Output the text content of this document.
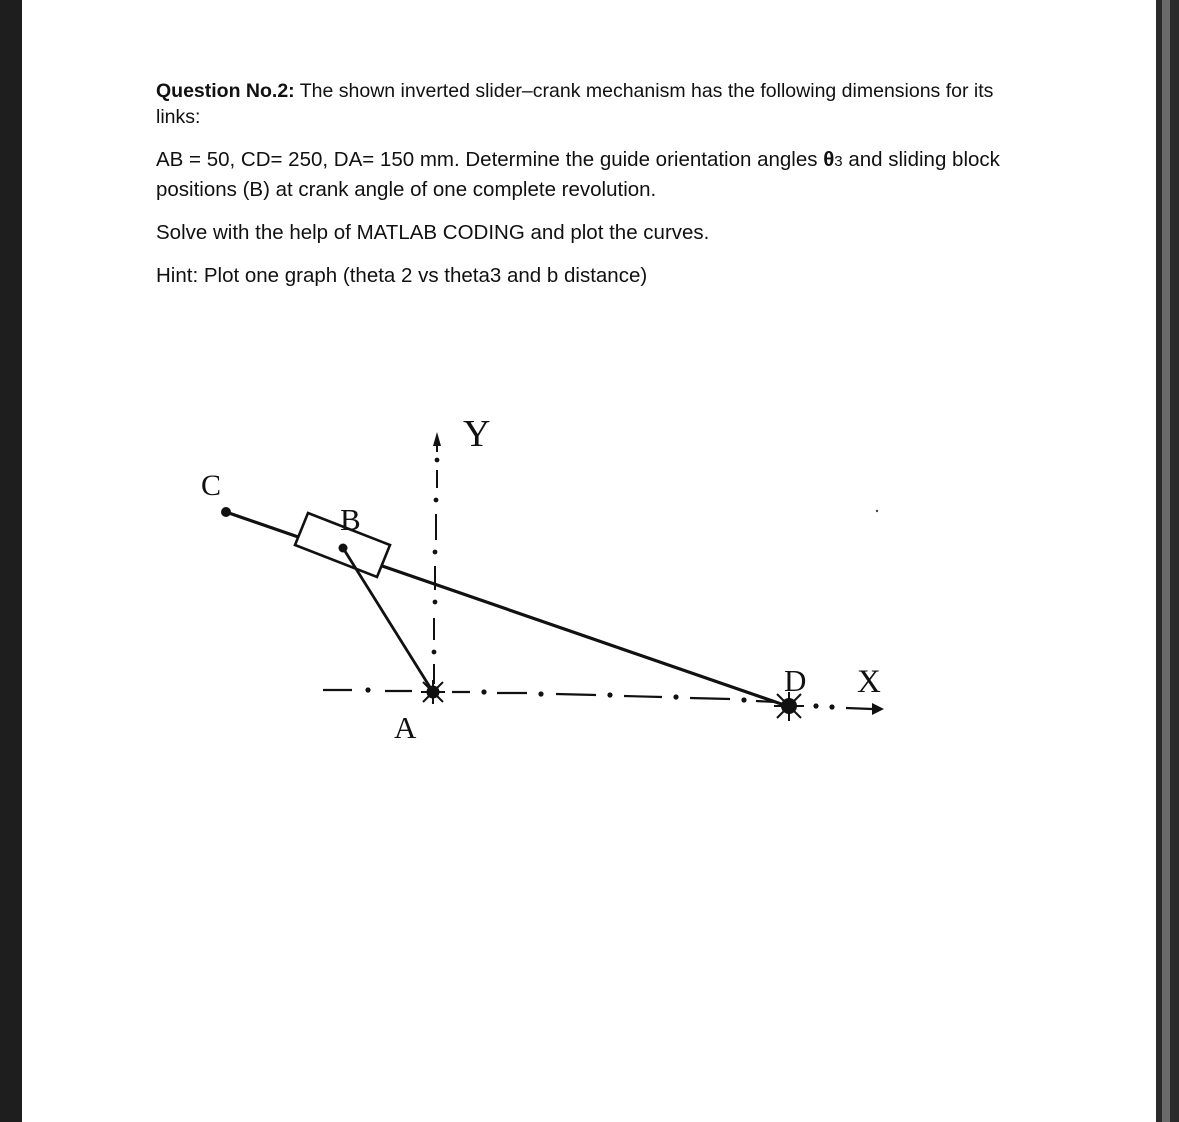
Question No.2: The shown inverted slider–crank mechanism has the following dimensions for its links:

AB = 50, CD= 250, DA= 150 mm. Determine the guide orientation angles θ3 and sliding block positions (B) at crank angle of one complete revolution.

Solve with the help of MATLAB CODING and plot the curves.

Hint: Plot one graph (theta 2 vs theta3 and b distance)

C
B
A
D X
Y
